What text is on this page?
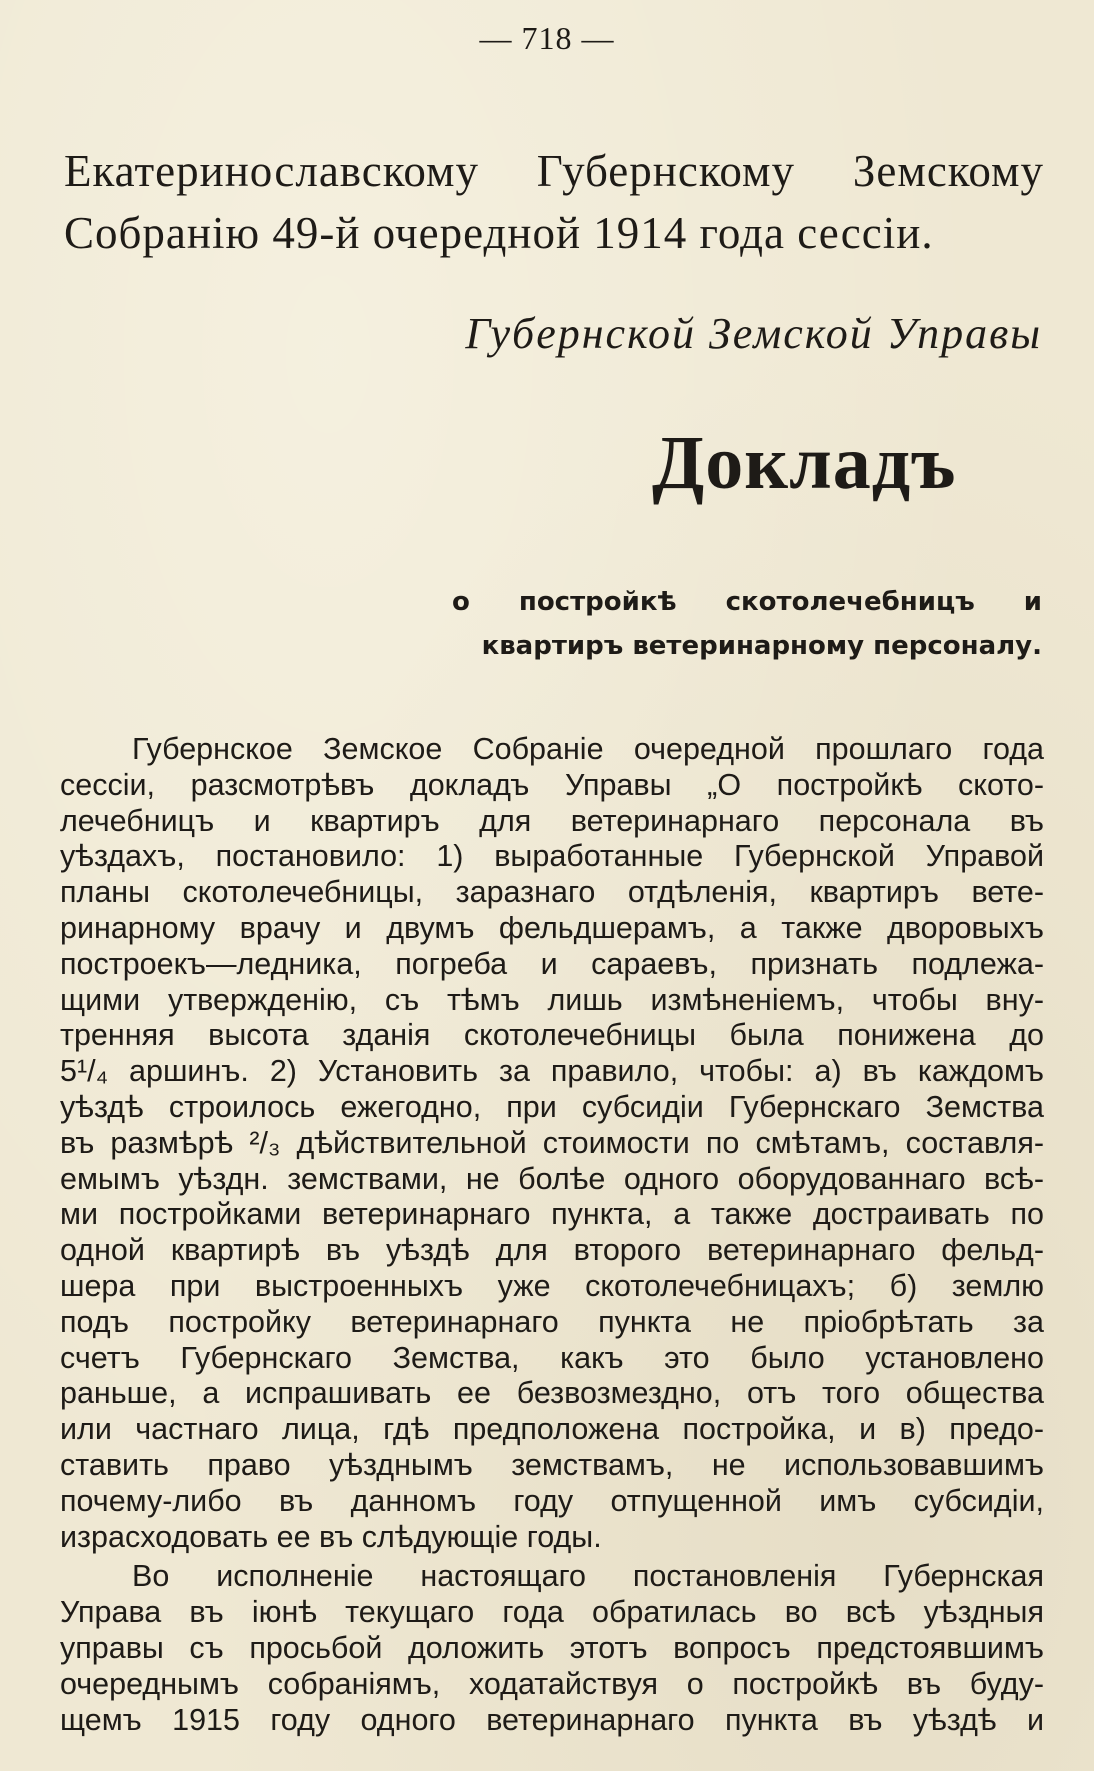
— 718 —
Екатеринославскому Губернскому Земскому
Собранію 49-й очередной 1914 года сессіи.
Губернской Земской Управы
Докладъ
о постройкѣ скотолечебницъ и
квартиръ ветеринарному персоналу.
Губернское Земское Собраніе очередной прошлаго года
сессіи, разсмотрѣвъ докладъ Управы „О постройкѣ ското-
лечебницъ и квартиръ для ветеринарнаго персонала въ
уѣздахъ, постановило: 1) выработанные Губернской Управой
планы скотолечебницы, заразнаго отдѣленія, квартиръ вете-
ринарному врачу и двумъ фельдшерамъ, а также дворовыхъ
построекъ—ледника, погреба и сараевъ, признать подлежа-
щими утвержденію, съ тѣмъ лишь измѣненіемъ, чтобы вну-
тренняя высота зданія скотолечебницы была понижена до
5¹/₄ аршинъ. 2) Установить за правило, чтобы: а) въ каждомъ
уѣздѣ строилось ежегодно, при субсидіи Губернскаго Земства
въ размѣрѣ ²/₃ дѣйствительной стоимости по смѣтамъ, составля-
емымъ уѣздн. земствами, не болѣе одного оборудованнаго всѣ-
ми постройками ветеринарнаго пункта, а также достраивать по
одной квартирѣ въ уѣздѣ для второго ветеринарнаго фельд-
шера при выстроенныхъ уже скотолечебницахъ; б) землю
подъ постройку ветеринарнаго пункта не пріобрѣтать за
счетъ Губернскаго Земства, какъ это было установлено
раньше, а испрашивать ее безвозмездно, отъ того общества
или частнаго лица, гдѣ предположена постройка, и в) предо-
ставить право уѣзднымъ земствамъ, не использовавшимъ
почему-либо въ данномъ году отпущенной имъ субсидіи,
израсходовать ее въ слѣдующіе годы.
Во исполненіе настоящаго постановленія Губернская
Управа въ іюнѣ текущаго года обратилась во всѣ уѣздныя
управы съ просьбой доложить этотъ вопросъ предстоявшимъ
очереднымъ собраніямъ, ходатайствуя о постройкѣ въ буду-
щемъ 1915 году одного ветеринарнаго пункта въ уѣздѣ и
